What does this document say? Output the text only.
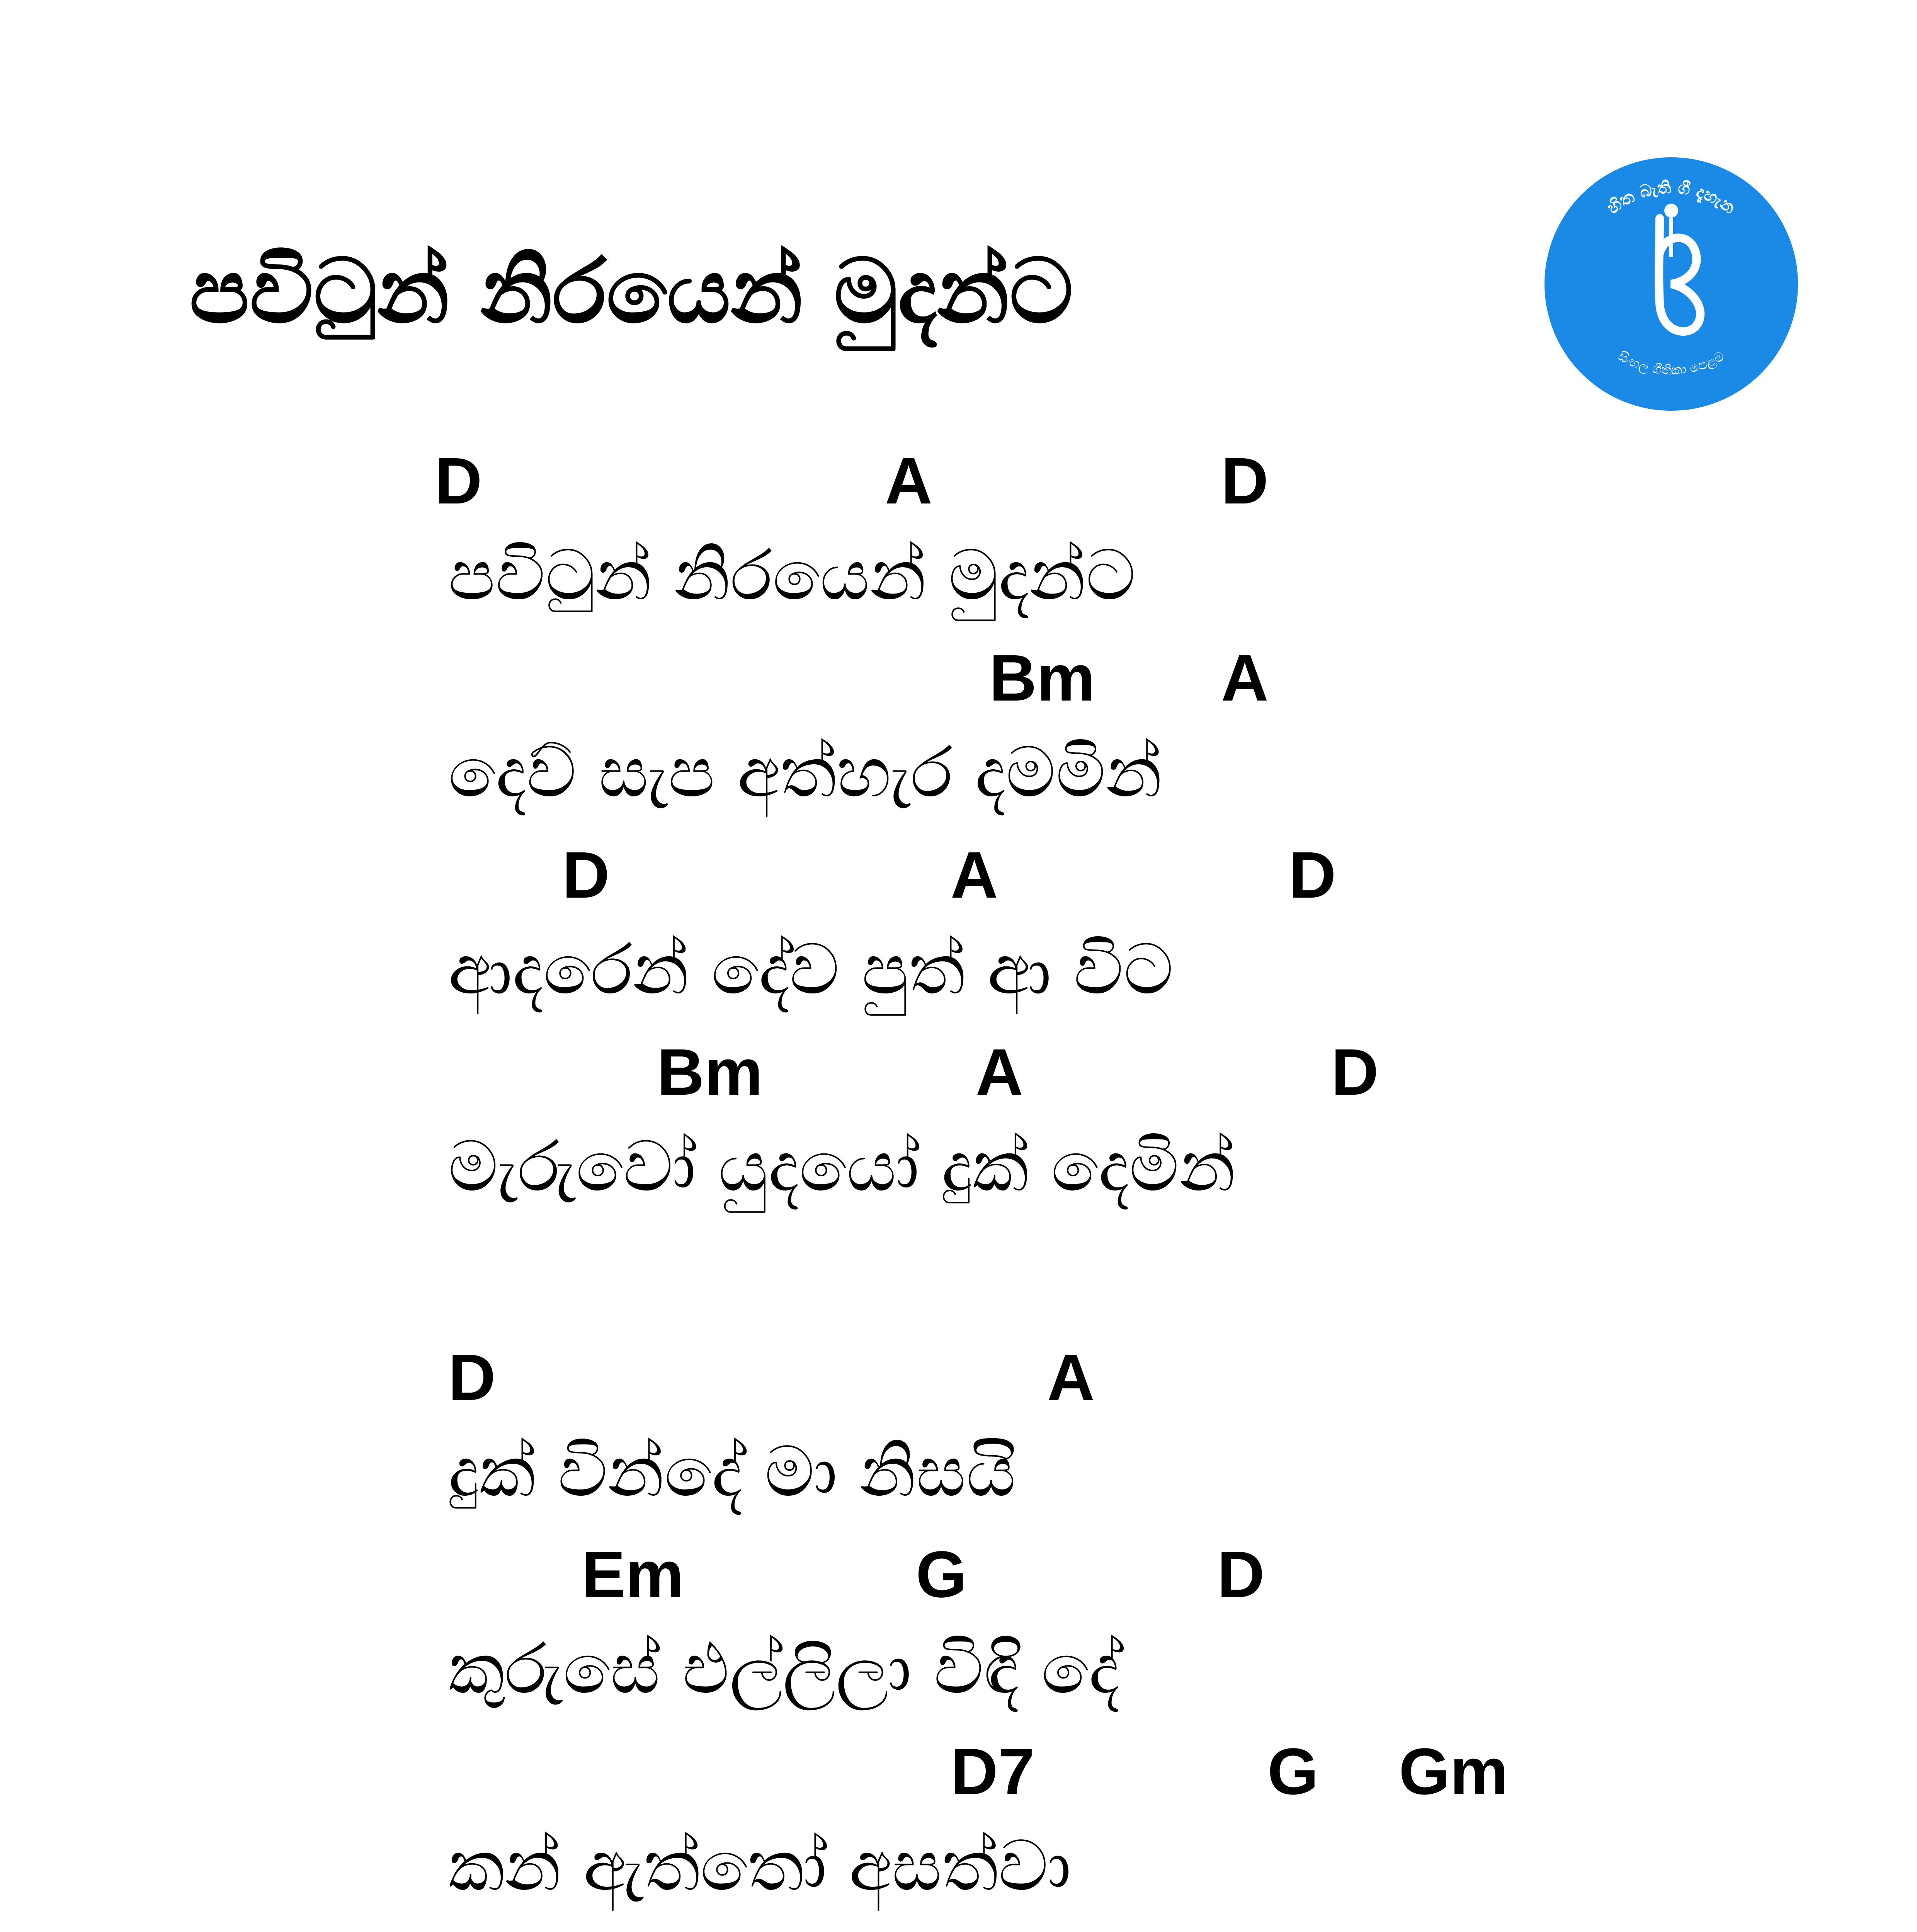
පවිටුන් නිරයෙන් මුදන්ට
හිත බැති ගී දෑහැන
සිංහල ගීතිකා පෙළම
D	A	D
පවිටුන් නිරයෙන් මුදන්ට
Bm A
දෙව් සැප අත්හැර දමමින්
D	A	D
ආදරෙන් දේව පුත් ආ විට
Bm	A	D
මැරුවෝ යුදයෝ දුක් දෙමින්
D	A
දුක් වින්දේ මා නිසයි
Em	G	D
කුරුසේ එල්ලිලා විඳි දේ
D7	G Gm
කන් ඇත්තෝ අසත්වා
